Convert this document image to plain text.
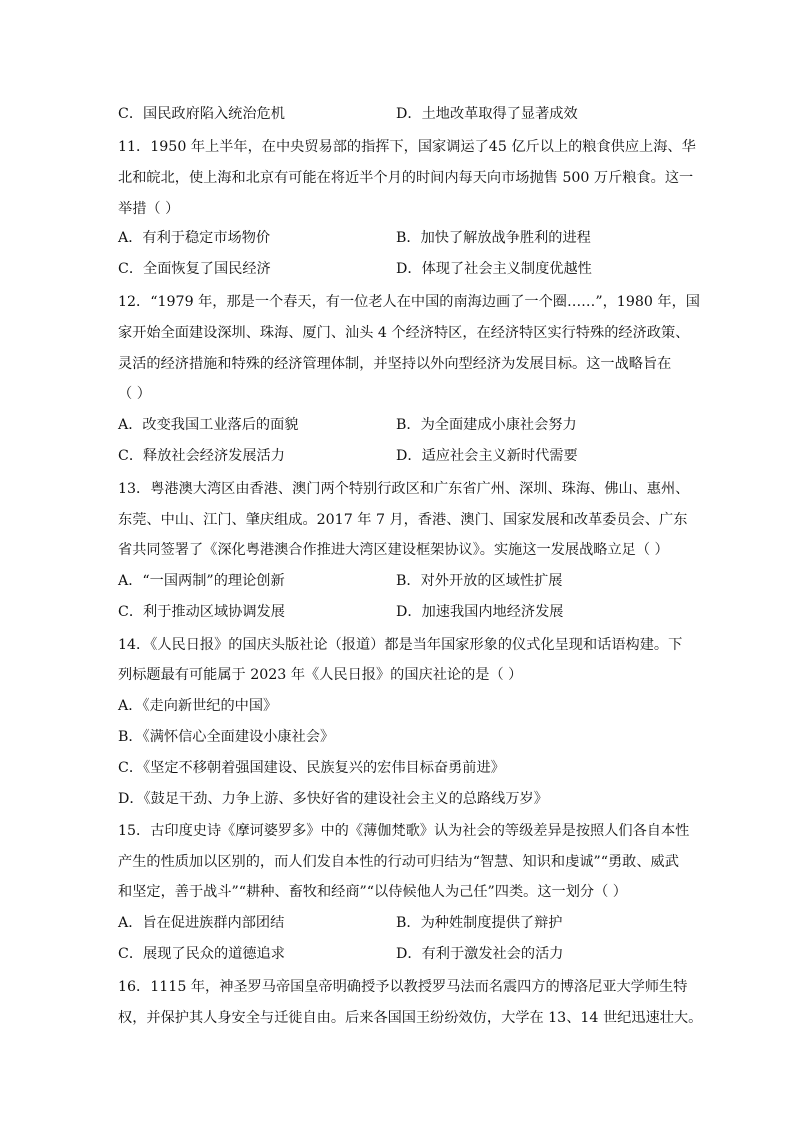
C．国民政府陷入统治危机	D．土地改革取得了显著成效
11．1950 年上半年，在中央贸易部的指挥下，国家调运了45 亿斤以上的粮食供应上海、华
北和皖北，使上海和北京有可能在将近半个月的时间内每天向市场抛售 500 万斤粮食。这一
举措（ ）
A．有利于稳定市场物价	B．加快了解放战争胜利的进程
C．全面恢复了国民经济	D．体现了社会主义制度优越性
12．“1979 年，那是一个春天，有一位老人在中国的南海边画了一个圈……”，1980 年，国
家开始全面建设深圳、珠海、厦门、汕头 4 个经济特区，在经济特区实行特殊的经济政策、
灵活的经济措施和特殊的经济管理体制，并坚持以外向型经济为发展目标。这一战略旨在
（ ）
A．改变我国工业落后的面貌	B．为全面建成小康社会努力
C．释放社会经济发展活力	D．适应社会主义新时代需要
13．粤港澳大湾区由香港、澳门两个特别行政区和广东省广州、深圳、珠海、佛山、惠州、
东莞、中山、江门、肇庆组成。2017 年 7 月，香港、澳门、国家发展和改革委员会、广东
省共同签署了《深化粤港澳合作推进大湾区建设框架协议》。实施这一发展战略立足（ ）
A．“一国两制”的理论创新	B．对外开放的区域性扩展
C．利于推动区域协调发展	D．加速我国内地经济发展
14．《人民日报》的国庆头版社论（报道）都是当年国家形象的仪式化呈现和话语构建。下
列标题最有可能属于 2023 年《人民日报》的国庆社论的是（ ）
A．《走向新世纪的中国》
B．《满怀信心全面建设小康社会》
C．《坚定不移朝着强国建设、民族复兴的宏伟目标奋勇前进》
D．《鼓足干劲、力争上游、多快好省的建设社会主义的总路线万岁》
15．古印度史诗《摩诃婆罗多》中的《薄伽梵歌》认为社会的等级差异是按照人们各自本性
产生的性质加以区别的，而人们发自本性的行动可归结为“智慧、知识和虔诚”“勇敢、威武
和坚定，善于战斗”“耕种、畜牧和经商”“以侍候他人为己任”四类。这一划分（ ）
A．旨在促进族群内部团结	B．为种姓制度提供了辩护
C．展现了民众的道德追求	D．有利于激发社会的活力
16．1115 年，神圣罗马帝国皇帝明确授予以教授罗马法而名震四方的博洛尼亚大学师生特
权，并保护其人身安全与迁徙自由。后来各国国王纷纷效仿，大学在 13、14 世纪迅速壮大。
